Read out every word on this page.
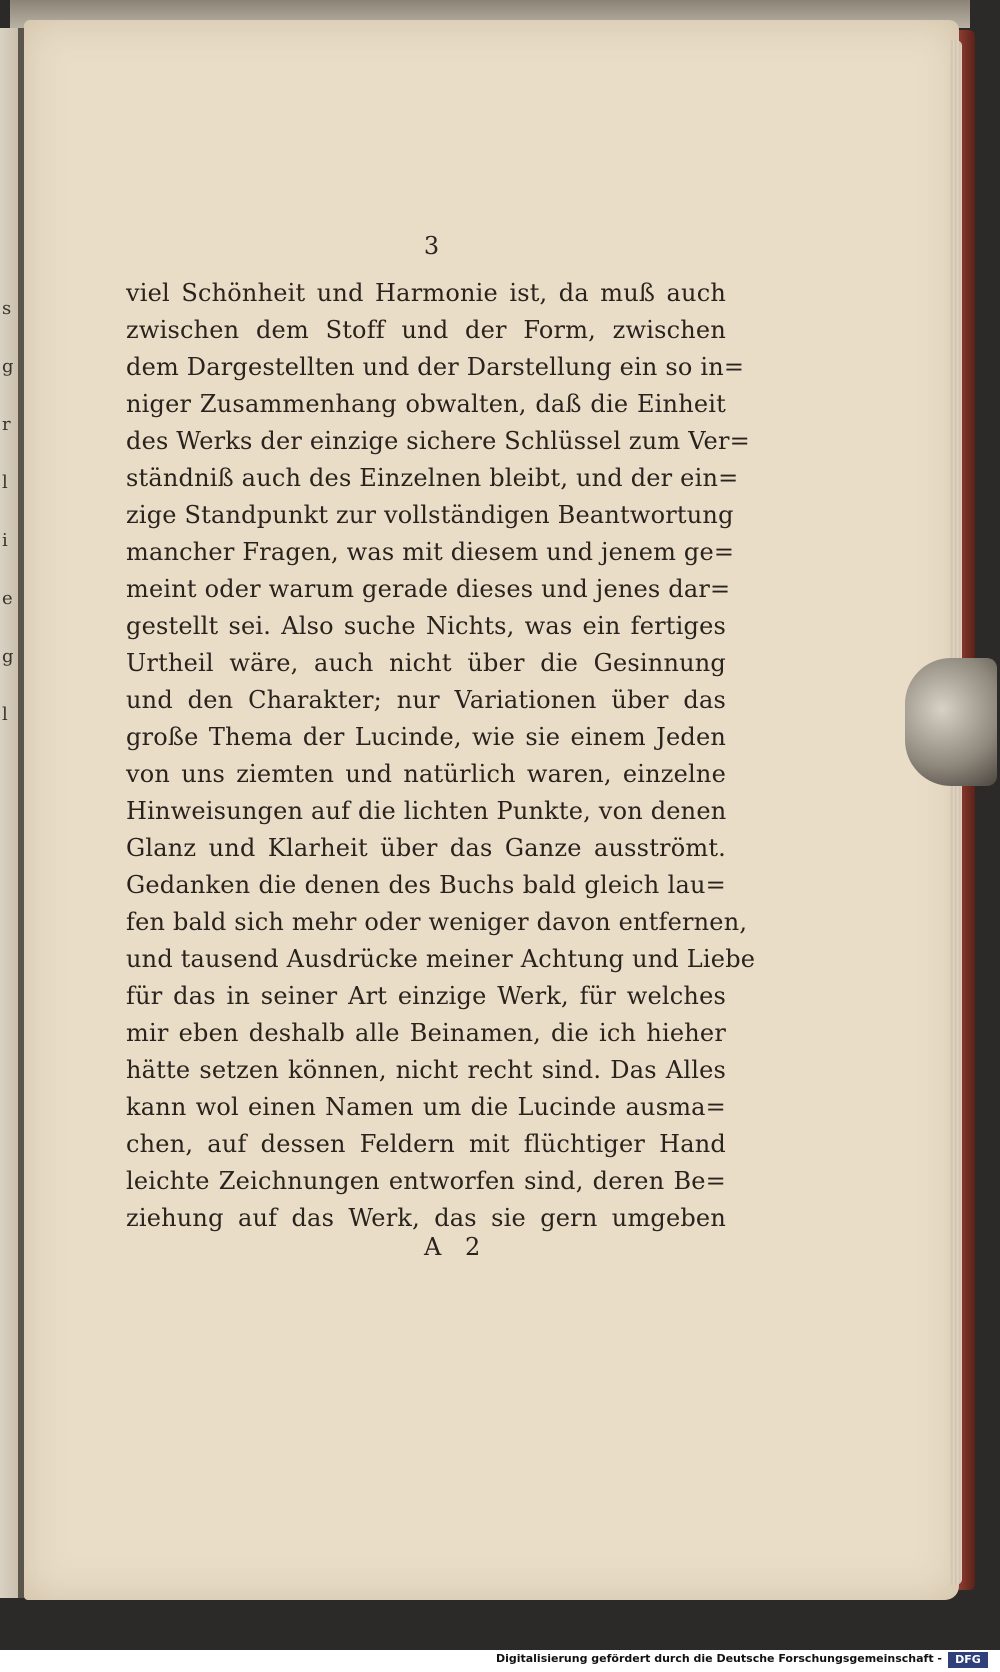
s
g
r
l
i
e
g
l
3
viel Schönheit und Harmonie ist, da muß auch
zwischen dem Stoff und der Form, zwischen
dem Dargestellten und der Darstellung ein so in=
niger Zusammenhang obwalten, daß die Einheit
des Werks der einzige sichere Schlüssel zum Ver=
ständniß auch des Einzelnen bleibt, und der ein=
zige Standpunkt zur vollständigen Beantwortung
mancher Fragen, was mit diesem und jenem ge=
meint oder warum gerade dieses und jenes dar=
gestellt sei. Also suche Nichts, was ein fertiges
Urtheil wäre, auch nicht über die Gesinnung
und den Charakter; nur Variationen über das
große Thema der Lucinde, wie sie einem Jeden
von uns ziemten und natürlich waren, einzelne
Hinweisungen auf die lichten Punkte, von denen
Glanz und Klarheit über das Ganze ausströmt.
Gedanken die denen des Buchs bald gleich lau=
fen bald sich mehr oder weniger davon entfernen,
und tausend Ausdrücke meiner Achtung und Liebe
für das in seiner Art einzige Werk, für welches
mir eben deshalb alle Beinamen, die ich hieher
hätte setzen können, nicht recht sind. Das Alles
kann wol einen Namen um die Lucinde ausma=
chen, auf dessen Feldern mit flüchtiger Hand
leichte Zeichnungen entworfen sind, deren Be=
ziehung auf das Werk, das sie gern umgeben
A 2
Digitalisierung gefördert durch die Deutsche Forschungsgemeinschaft -	DFG
